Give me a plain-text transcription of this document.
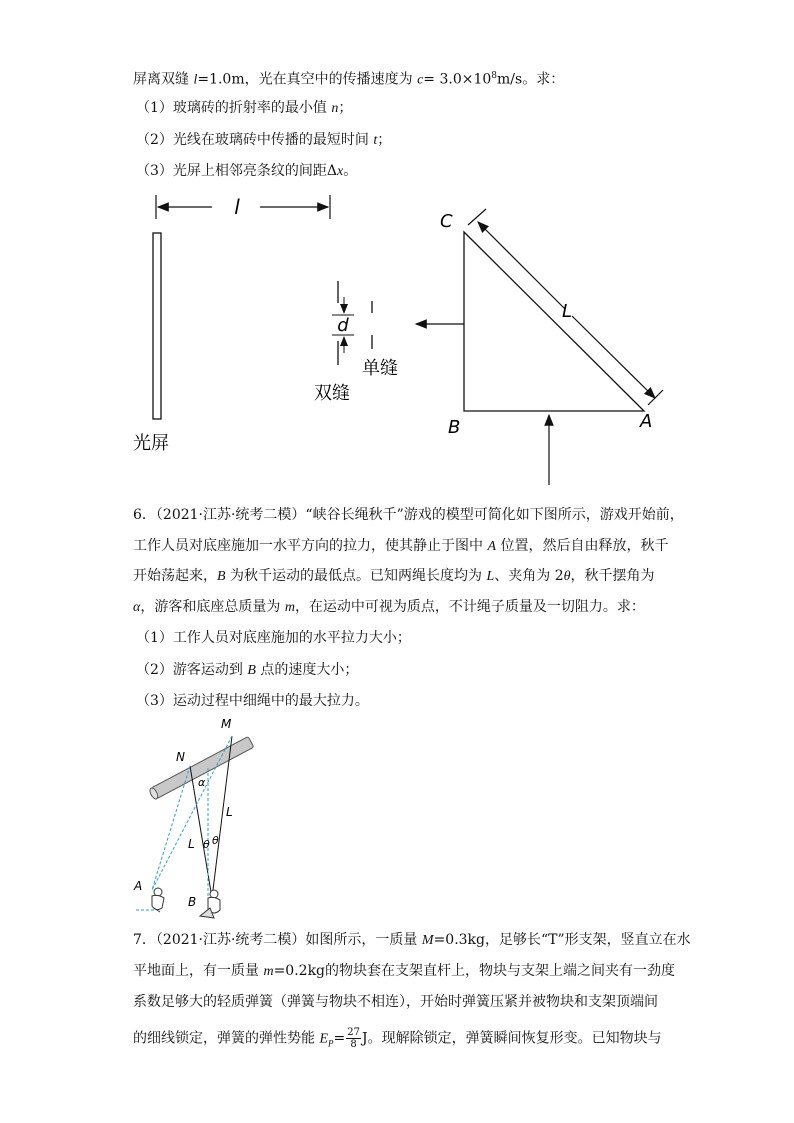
屏离双缝 l=1.0m，光在真空中的传播速度为 $c= 3.0\times 10^8m/s$。求：
（1）玻璃砖的折射率的最小值 n；
（2）光线在玻璃砖中传播的最短时间 t；
（3）光屏上相邻亮条纹的间距Δx。
l
光屏
d
双缝
单缝
C
B	A
L
6．（2021·江苏·统考二模）“峡谷长绳秋千”游戏的模型可简化如下图所示，游戏开始前，
工作人员对底座施加一水平方向的拉力，使其静止于图中 A 位置，然后自由释放，秋千
开始荡起来，B 为秋千运动的最低点。已知两绳长度均为 L、夹角为 2θ，秋千摆角为
α，游客和底座总质量为 m，在运动中可视为质点，不计绳子质量及一切阻力。求：
（1）工作人员对底座施加的水平拉力大小；
（2）游客运动到 B 点的速度大小；
（3）运动过程中细绳中的最大拉力。
M
N
α
L
L
θ θ
A
B
7．（2021·江苏·统考二模）如图所示，一质量 M=0.3kg，足够长“T”形支架，竖直立在水
平地面上，有一质量 m=0.2kg的物块套在支架直杆上，物块与支架上端之间夹有一劲度
系数足够大的轻质弹簧（弹簧与物块不相连），开始时弹簧压紧并被物块和支架顶端间
的细线锁定，弹簧的弹性势能 $E_P= \frac{27}{8}$ J。现解除锁定，弹簧瞬间恢复形变。已知物块与
